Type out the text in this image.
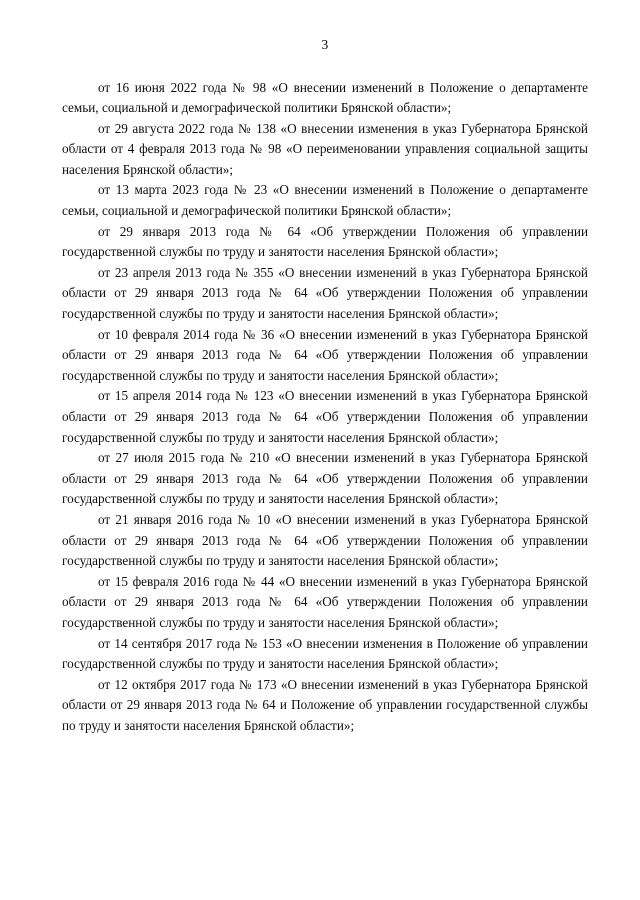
3

от 16 июня 2022 года № 98 «О внесении изменений в Положение о департаменте семьи, социальной и демографической политики Брянской области»;

от 29 августа 2022 года № 138 «О внесении изменения в указ Губернатора Брянской области от 4 февраля 2013 года № 98 «О переименовании управления социальной защиты населения Брянской области»;

от 13 марта 2023 года № 23 «О внесении изменений в Положение о департаменте семьи, социальной и демографической политики Брянской области»;

от 29 января 2013 года № 64 «Об утверждении Положения об управлении государственной службы по труду и занятости населения Брянской области»;

от 23 апреля 2013 года № 355 «О внесении изменений в указ Губернатора Брянской области от 29 января 2013 года № 64 «Об утверждении Положения об управлении государственной службы по труду и занятости населения Брянской области»;

от 10 февраля 2014 года № 36 «О внесении изменений в указ Губернатора Брянской области от 29 января 2013 года № 64 «Об утверждении Положения об управлении государственной службы по труду и занятости населения Брянской области»;

от 15 апреля 2014 года № 123 «О внесении изменений в указ Губернатора Брянской области от 29 января 2013 года № 64 «Об утверждении Положения об управлении государственной службы по труду и занятости населения Брянской области»;

от 27 июля 2015 года № 210 «О внесении изменений в указ Губернатора Брянской области от 29 января 2013 года № 64 «Об утверждении Положения об управлении государственной службы по труду и занятости населения Брянской области»;

от 21 января 2016 года № 10 «О внесении изменений в указ Губернатора Брянской области от 29 января 2013 года № 64 «Об утверждении Положения об управлении государственной службы по труду и занятости населения Брянской области»;

от 15 февраля 2016 года № 44 «О внесении изменений в указ Губернатора Брянской области от 29 января 2013 года № 64 «Об утверждении Положения об управлении государственной службы по труду и занятости населения Брянской области»;

от 14 сентября 2017 года № 153 «О внесении изменения в Положение об управлении государственной службы по труду и занятости населения Брянской области»;

от 12 октября 2017 года № 173 «О внесении изменений в указ Губернатора Брянской области от 29 января 2013 года № 64 и Положение об управлении государственной службы по труду и занятости населения Брянской области»;
